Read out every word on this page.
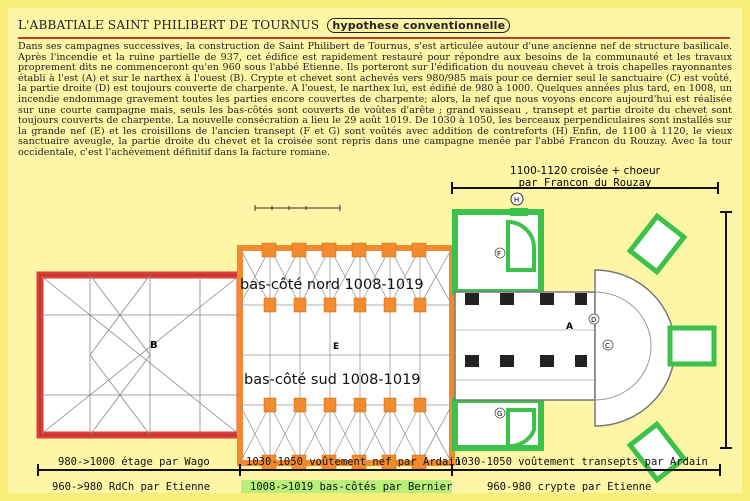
L'ABBATIALE SAINT PHILIBERT DE TOURNUS hypothese conventionnelle
Dans ses campagnes successives, la construction de Saint Philibert de Tournus, s'est articulée autour d'une ancienne nef de structure basilicale. Après l'incendie et la ruine partielle de 937, cet édifice est rapidement restauré pour répondre aux besoins de la communauté et les travaux proprement dits ne commenceront qu'en 960 sous l'abbé Etienne. Ils porteront sur l'édification du nouveau chevet à trois chapelles rayonnantes établi à l'est (A) et sur le narthex à l'ouest (B). Crypte et chevet sont achevés vers 980/985 mais pour ce dernier seul le sanctuaire (C) est voûté, la partie droite (D) est toujours couverte de charpente. A l'ouest, le narthex lui, est édifié de 980 à 1000. Quelques années plus tard, en 1008, un incendie endommage gravement toutes les parties encore couvertes de charpente; alors, la nef que nous voyons encore aujourd'hui est réalisée sur une courte campagne mais, seuls les bas-côtés sont couverts de voûtes d'arête ; grand vaisseau , transept et partie droite du chevet sont toujours couverts de charpente. La nouvelle consécration a lieu le 29 août 1019. De 1030 à 1050, les berceaux perpendiculaires sont installés sur la grande nef (E) et les croisillons de l'ancien transept (F et G) sont voûtés avec addition de contreforts (H) Enfin, de 1100 à 1120, le vieux sanctuaire aveugle, la partie droite du chevet et la croisée sont repris dans une campagne menée par l'abbé Francon du Rouzay. Avec la tour occidentale, c'est l'achèvement définitif dans la facture romane.
1100-1120 croisée + choeur
par Francon du Rouzay
B	E
bas-côté nord 1008-1019
bas-côté sud 1008-1019
H
F
G
D
C
A
980->1000 étage par Wago	1030-1050 voûtement nef par Ardain
1030-1050 voûtement transepts par Ardain
960->980 RdCh par Etienne	1008->1019 bas-côtés par Bernier	960-980 crypte par Etienne
